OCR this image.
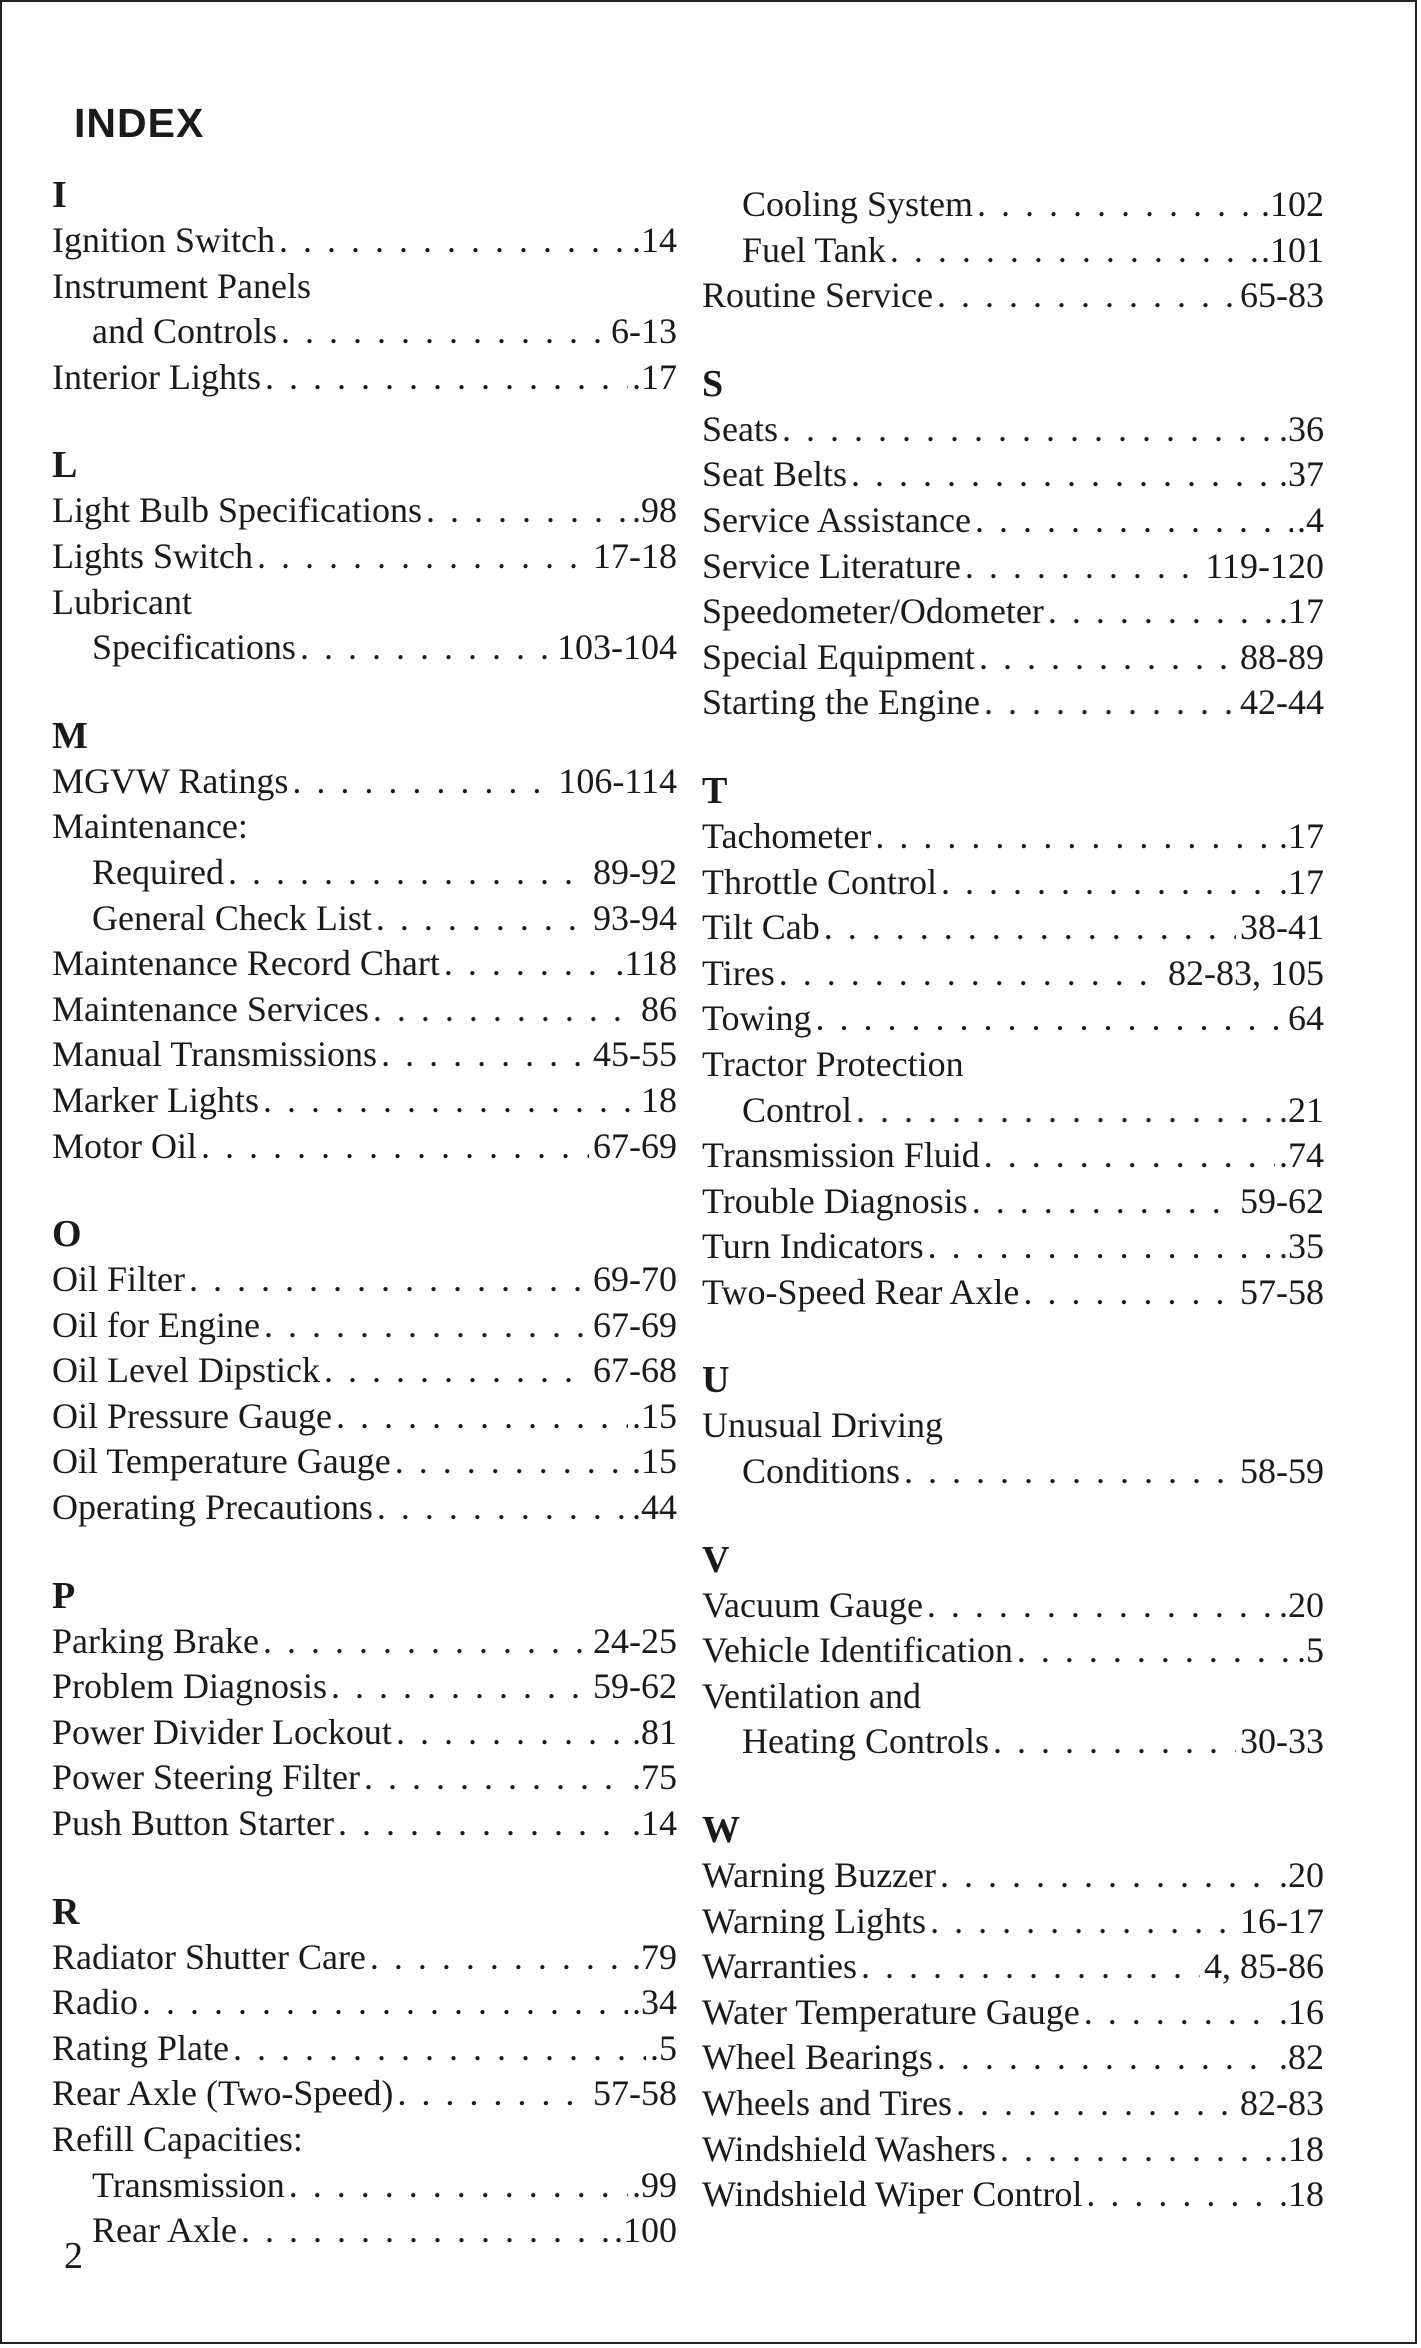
INDEX
I
Ignition Switch . . .	.14
Instrument Panels
and Controls . . .	6-13
Interior Lights . . .	.17
L
Light Bulb Specifications . . .	.98
Lights Switch . . .	17-18
Lubricant
Specifications . . .	103-104
M
MGVW Ratings . . .	106-114
Maintenance:
Required . . .	89-92
General Check List . . .	93-94
Maintenance Record Chart . . .	.118
Maintenance Services . . .	86
Manual Transmissions . . .	45-55
Marker Lights . . .	18
Motor Oil . . .	67-69
O
Oil Filter . . .	69-70
Oil for Engine . . .	67-69
Oil Level Dipstick . . .	67-68
Oil Pressure Gauge . . .	.15
Oil Temperature Gauge . . .	.15
Operating Precautions . . .	.44
P
Parking Brake . . .	24-25
Problem Diagnosis . . .	59-62
Power Divider Lockout . . .	.81
Power Steering Filter . . .	.75
Push Button Starter . . .	.14
R
Radiator Shutter Care . . .	.79
Radio . . .	.34
Rating Plate . . .	.5
Rear Axle (Two-Speed) . . .	57-58
Refill Capacities:
Transmission . . .	.99
Rear Axle . . .	.100
Cooling System . . .	.102
Fuel Tank . . .	.101
Routine Service . . .	65-83
S
Seats . . .	.36
Seat Belts . . .	.37
Service Assistance . . .	.4
Service Literature . . .	119-120
Speedometer/Odometer . . .	.17
Special Equipment . . .	88-89
Starting the Engine . . .	42-44
T
Tachometer . . .	.17
Throttle Control . . .	.17
Tilt Cab . . .	38-41
Tires . . .	82-83, 105
Towing . . .	64
Tractor Protection
Control . . .	.21
Transmission Fluid . . .	.74
Trouble Diagnosis . . .	59-62
Turn Indicators . . .	.35
Two-Speed Rear Axle . . .	57-58
U
Unusual Driving
Conditions . . .	58-59
V
Vacuum Gauge . . .	.20
Vehicle Identification . . .	.5
Ventilation and
Heating Controls . . .	30-33
W
Warning Buzzer . . .	.20
Warning Lights . . .	16-17
Warranties . . .	4, 85-86
Water Temperature Gauge . . .	.16
Wheel Bearings . . .	.82
Wheels and Tires . . .	82-83
Windshield Washers . . .	.18
Windshield Wiper Control . . .	.18
2
